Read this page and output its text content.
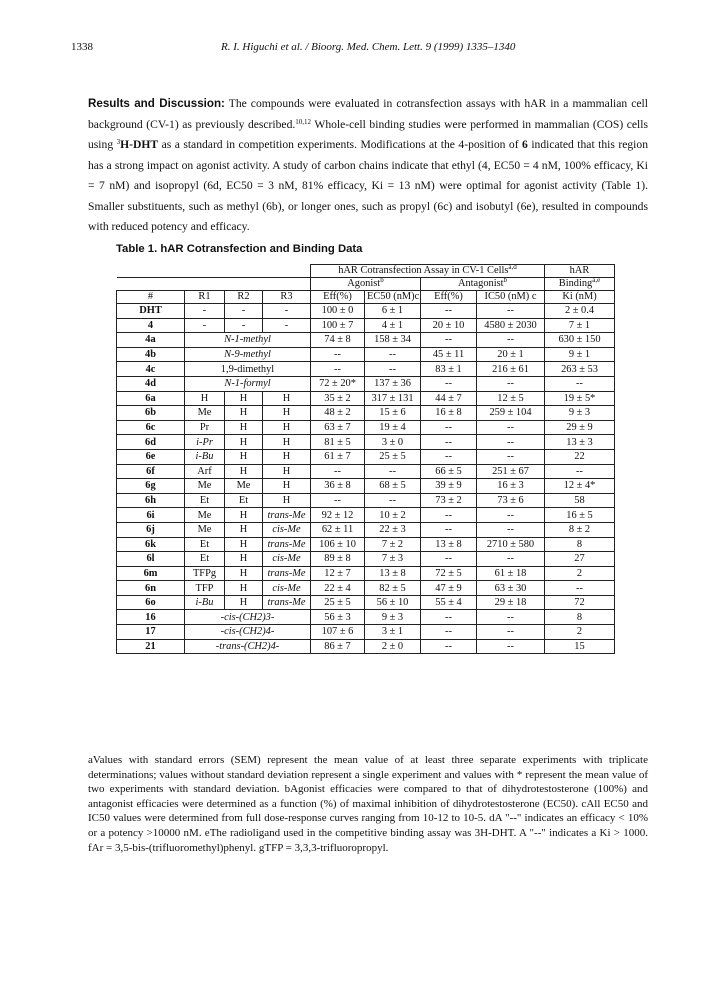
1338	R. I. Higuchi et al. / Bioorg. Med. Chem. Lett. 9 (1999) 1335–1340
Results and Discussion: The compounds were evaluated in cotransfection assays with hAR in a mammalian cell background (CV-1) as previously described.$^{10,12}$ Whole-cell binding studies were performed in mammalian (COS) cells using $^3$H-DHT as a standard in competition experiments. Modifications at the 4-position of 6 indicated that this region has a strong impact on agonist activity. A study of carbon chains indicate that ethyl (4, EC50 = 4 nM, 100% efficacy, Ki = 7 nM) and isopropyl (6d, EC50 = 3 nM, 81% efficacy, Ki = 13 nM) were optimal for agonist activity (Table 1). Smaller substituents, such as methyl (6b), or longer ones, such as propyl (6c) and isobutyl (6e), resulted in compounds with reduced potency and efficacy.
Table 1. hAR Cotransfection and Binding Data
				hAR Cotransfection Assay in CV-1 Cells$^{a,d}$				hAR
				Agonist$^b$		Antagonist$^b$		Binding$^{a,e}$
#	R1	R2	R3	Eff(%)	EC50 (nM)c	Eff(%)	IC50 (nM) c	Ki (nM)
DHT	-	-	-	100 ± 0	6 ± 1	--	--	2 ± 0.4
4	-	-	-	100 ± 7	4 ± 1	20 ± 10	4580 ± 2030	7 ± 1
4a	N-1-methyl			74 ± 8	158 ± 34	--	--	630 ± 150
4b	N-9-methyl			--	--	45 ± 11	20 ± 1	9 ± 1
4c	1,9-dimethyl			--	--	83 ± 1	216 ± 61	263 ± 53
4d	N-1-formyl			72 ± 20*	137 ± 36	--	--	--
6a	H	H	H	35 ± 2	317 ± 131	44 ± 7	12 ± 5	19 ± 5*
6b	Me	H	H	48 ± 2	15 ± 6	16 ± 8	259 ± 104	9 ± 3
6c	Pr	H	H	63 ± 7	19 ± 4	--	--	29 ± 9
6d	i-Pr	H	H	81 ± 5	3 ± 0	--	--	13 ± 3
6e	i-Bu	H	H	61 ± 7	25 ± 5	--	--	22
6f	Arf	H	H	--	--	66 ± 5	251 ± 67	--
6g	Me	Me	H	36 ± 8	68 ± 5	39 ± 9	16 ± 3	12 ± 4*
6h	Et	Et	H	--	--	73 ± 2	73 ± 6	58
6i	Me	H	trans-Me	92 ± 12	10 ± 2	--	--	16 ± 5
6j	Me	H	cis-Me	62 ± 11	22 ± 3	--	--	8 ± 2
6k	Et	H	trans-Me	106 ± 10	7 ± 2	13 ± 8	2710 ± 580	8
6l	Et	H	cis-Me	89 ± 8	7 ± 3	--	--	27
6m	TFPg	H	trans-Me	12 ± 7	13 ± 8	72 ± 5	61 ± 18	2
6n	TFP	H	cis-Me	22 ± 4	82 ± 5	47 ± 9	63 ± 30	--
6o	i-Bu	H	trans-Me	25 ± 5	56 ± 10	55 ± 4	29 ± 18	72
16	-cis-(CH2)3-			56 ± 3	9 ± 3	--	--	8
17	-cis-(CH2)4-			107 ± 6	3 ± 1	--	--	2
21	-trans-(CH2)4-			86 ± 7	2 ± 0	--	--	15
aValues with standard errors (SEM) represent the mean value of at least three separate experiments with triplicate determinations; values without standard deviation represent a single experiment and values with * represent the mean value of two experiments with standard deviation. bAgonist efficacies were compared to that of dihydrotestosterone (100%) and antagonist efficacies were determined as a function (%) of maximal inhibition of dihydrotestosterone (EC50). cAll EC50 and IC50 values were determined from full dose-response curves ranging from 10-12 to 10-5. dA "--" indicates an efficacy < 10% or a potency >10000 nM. eThe radioligand used in the competitive binding assay was 3H-DHT. A "--" indicates a Ki > 1000. fAr = 3,5-bis-(trifluoromethyl)phenyl. gTFP = 3,3,3-trifluoropropyl.
